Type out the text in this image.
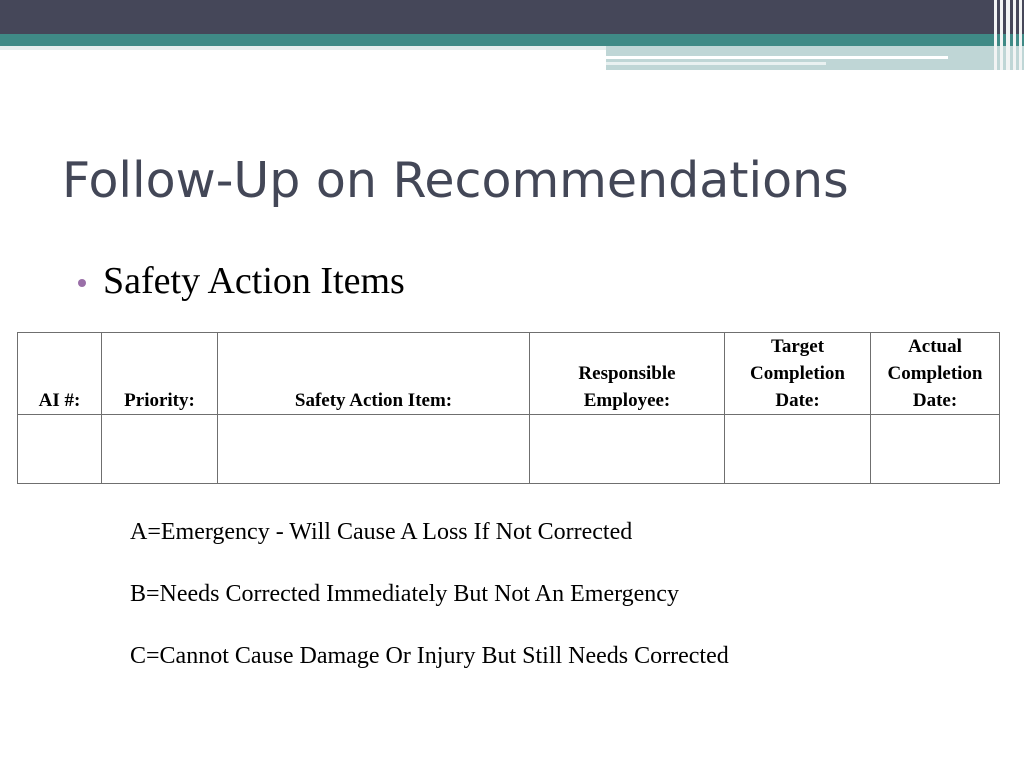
Follow-Up on Recommendations
Safety Action Items
AI #:	Priority:	Safety Action Item:	Responsible
Employee:	Target
Completion
Date:	Actual
Completion
Date:

A=Emergency - Will Cause A Loss If Not Corrected
B=Needs Corrected Immediately But Not An Emergency
C=Cannot Cause Damage Or Injury But Still Needs Corrected
